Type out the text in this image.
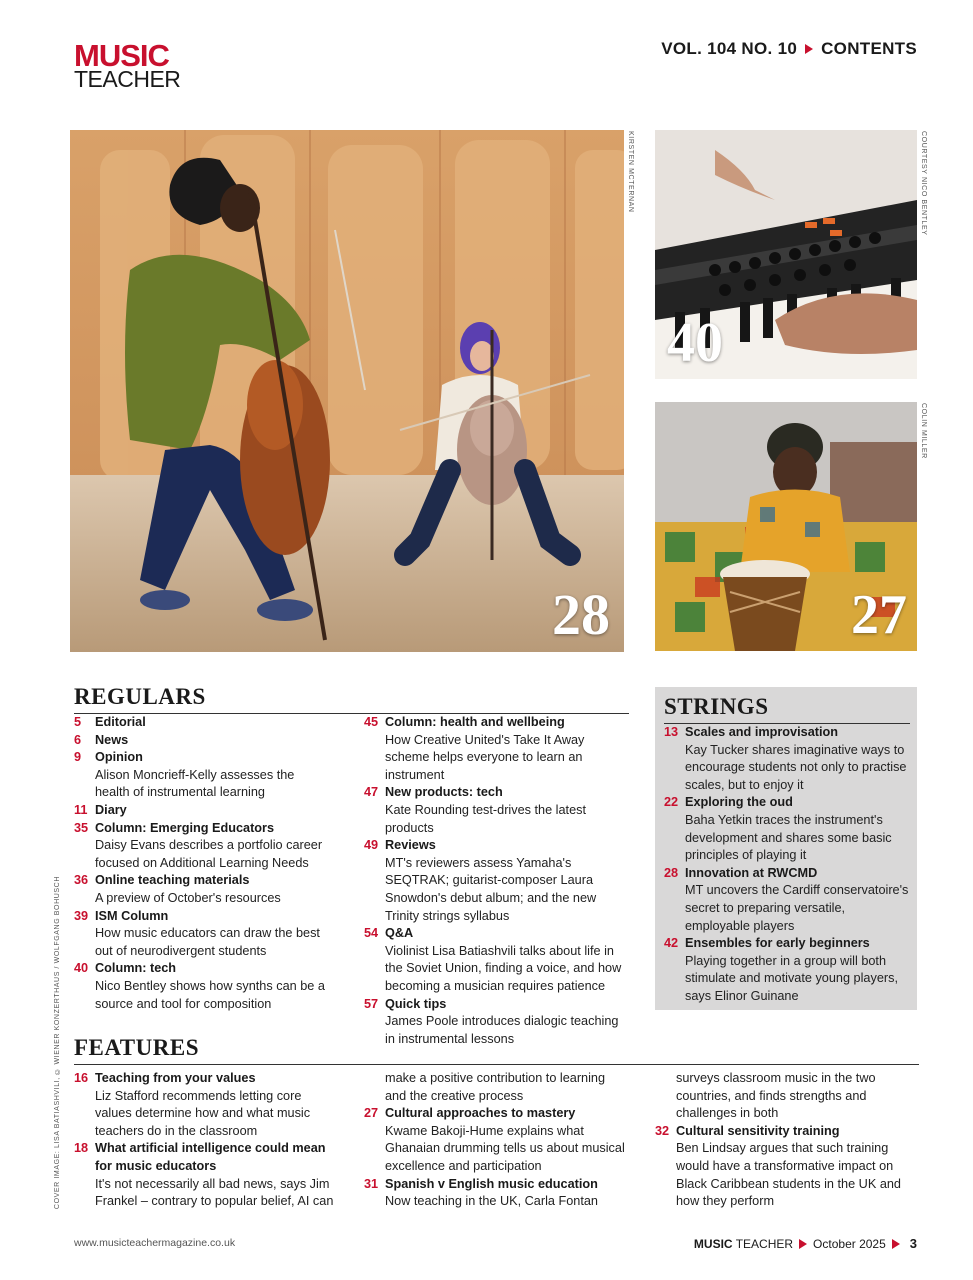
MUSIC
TEACHER
VOL. 104 NO. 10 CONTENTS
28
KIRSTEN MCTERNAN
40
COURTESY NICO BENTLEY
27
COLIN MILLER
COVER IMAGE: LISA BATIASHVILI, © WIENER KONZERTHAUS / WOLFGANG BOHUSCH
REGULARS
5	Editorial
6	News
9	Opinion
Alison Moncrieff-Kelly assesses the health of instrumental learning
11 Diary
35 Column: Emerging Educators
Daisy Evans describes a portfolio career focused on Additional Learning Needs
36 Online teaching materials
A preview of October's resources
39 ISM Column
How music educators can draw the best out of neurodivergent students
40 Column: tech
Nico Bentley shows how synths can be a source and tool for composition
45 Column: health and wellbeing
How Creative United's Take It Away scheme helps everyone to learn an instrument
47 New products: tech
Kate Rounding test-drives the latest products
49 Reviews
MT's reviewers assess Yamaha's SEQTRAK; guitarist-composer Laura Snowdon's debut album; and the new Trinity strings syllabus
54 Q&A
Violinist Lisa Batiashvili talks about life in the Soviet Union, finding a voice, and how becoming a musician requires patience
57 Quick tips
James Poole introduces dialogic teaching in instrumental lessons
STRINGS
13 Scales and improvisation
Kay Tucker shares imaginative ways to encourage students not only to practise scales, but to enjoy it
22 Exploring the oud
Baha Yetkin traces the instrument's development and shares some basic principles of playing it
28 Innovation at RWCMD
MT uncovers the Cardiff conservatoire's secret to preparing versatile, employable players
42 Ensembles for early beginners
Playing together in a group will both stimulate and motivate young players, says Elinor Guinane
FEATURES
16 Teaching from your values
Liz Stafford recommends letting core values determine how and what music teachers do in the classroom
18 What artificial intelligence could mean for music educators
It's not necessarily all bad news, says Jim Frankel – contrary to popular belief, AI can
make a positive contribution to learning and the creative process
27 Cultural approaches to mastery
Kwame Bakoji-Hume explains what Ghanaian drumming tells us about musical excellence and participation
31 Spanish v English music education
Now teaching in the UK, Carla Fontan
surveys classroom music in the two countries, and finds strengths and challenges in both
32 Cultural sensitivity training
Ben Lindsay argues that such training would have a transformative impact on Black Caribbean students in the UK and how they perform
www.musicteachermagazine.co.uk	MUSIC TEACHER October 2025 3
